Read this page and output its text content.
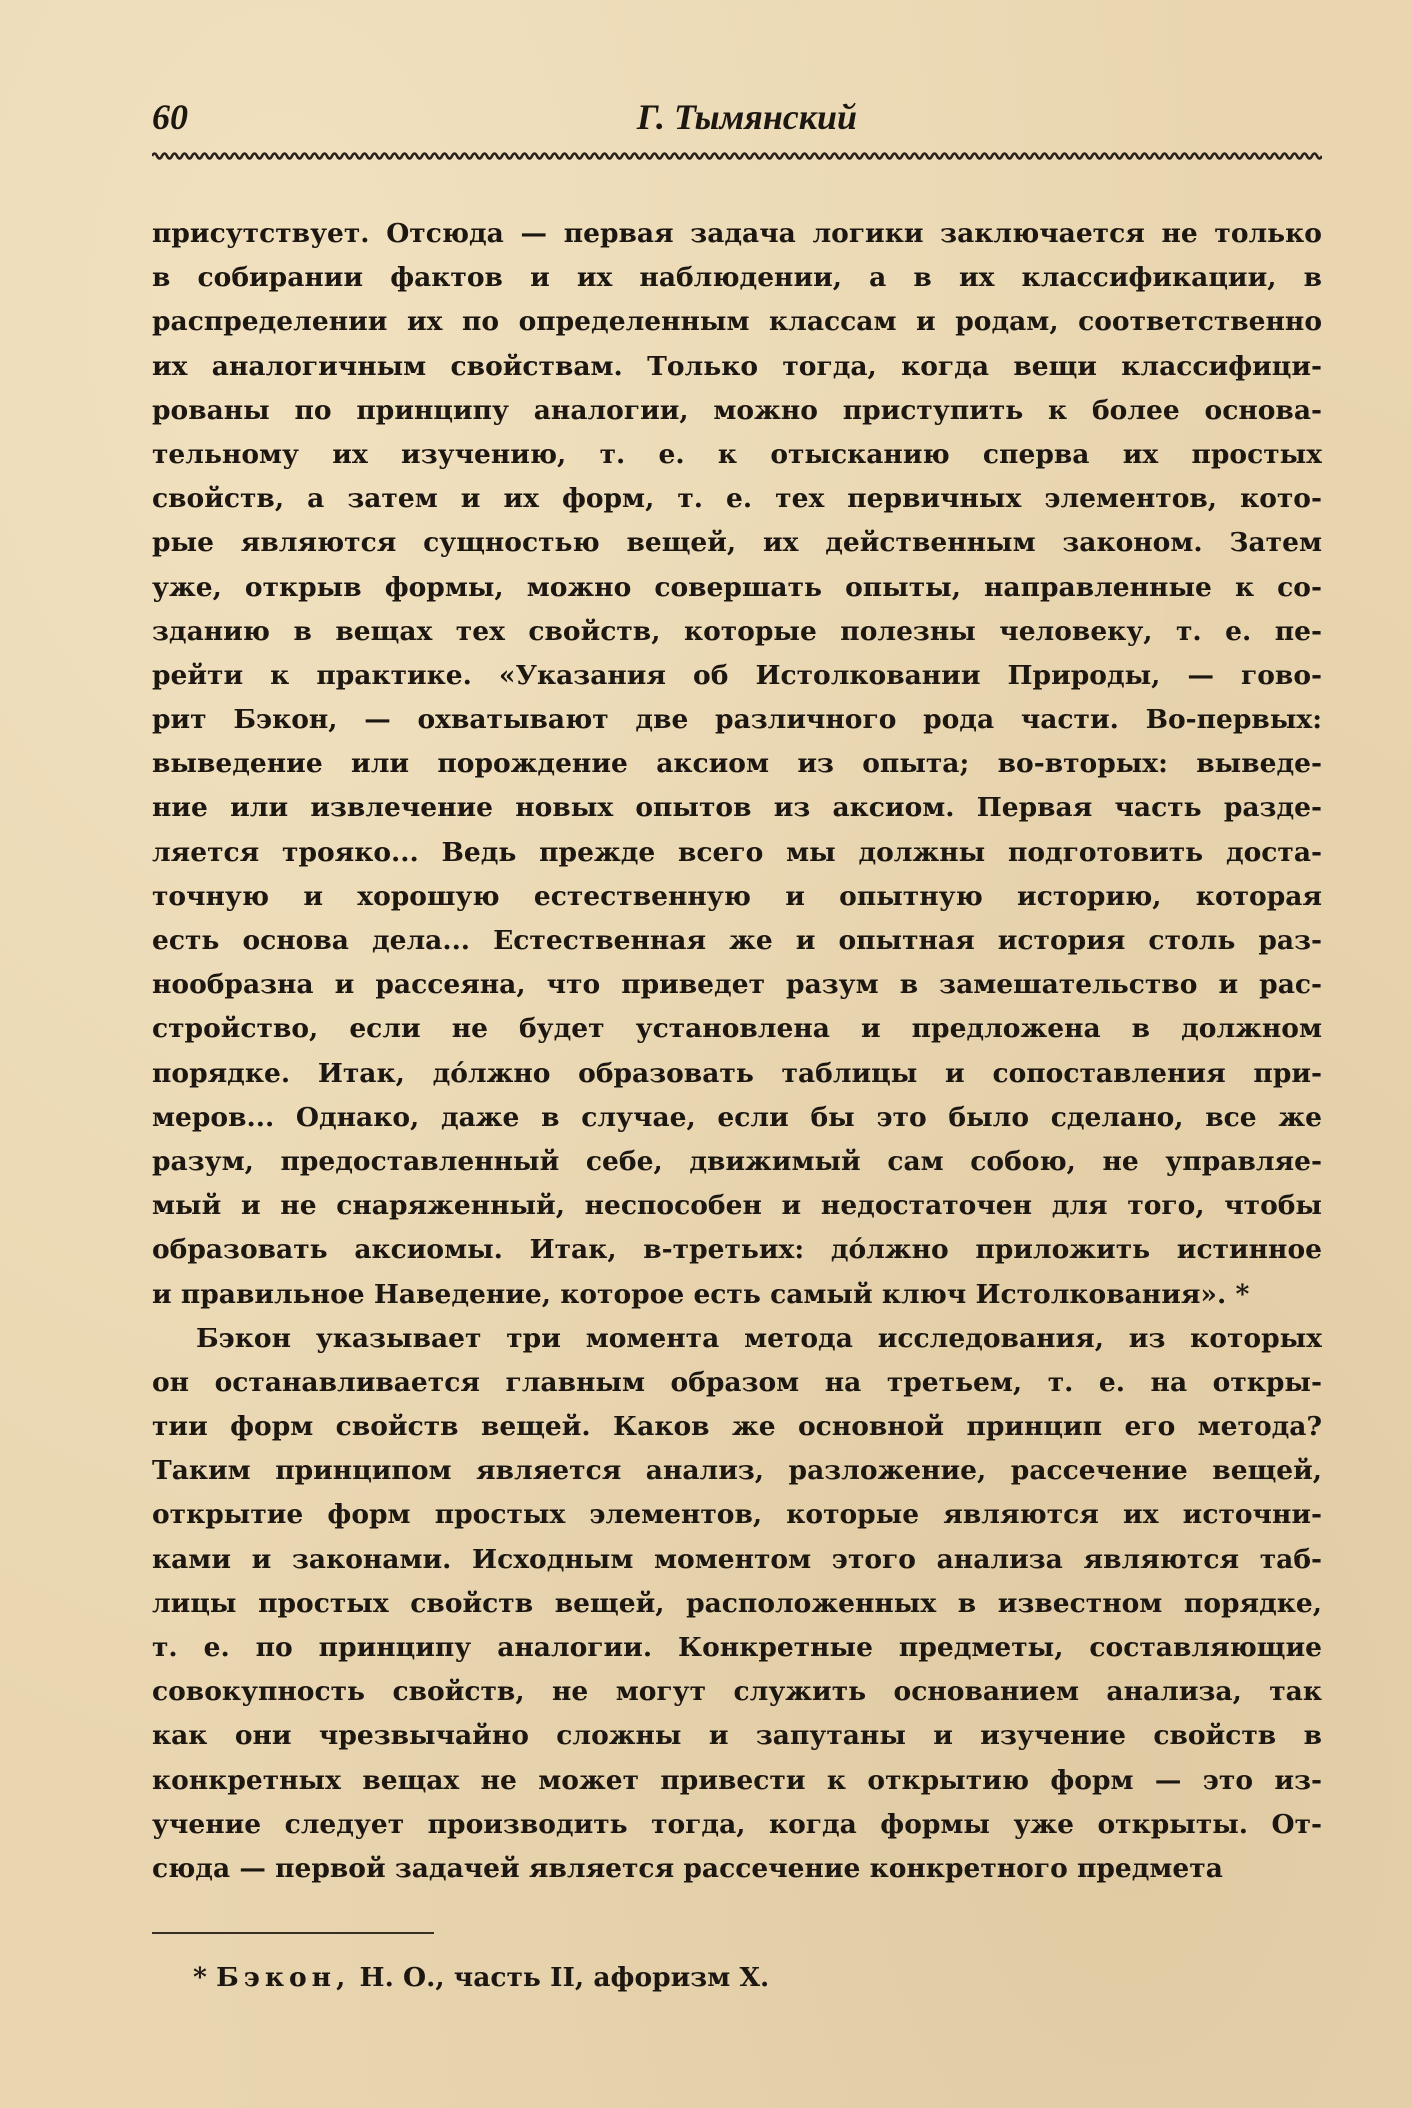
60	Г. Тымянский
присутствует. Отсюда — первая задача логики заключается не только
в собирании фактов и их наблюдении, а в их классификации, в
распределении их по определенным классам и родам, соответственно
их аналогичным свойствам. Только тогда, когда вещи классифици-
рованы по принципу аналогии, можно приступить к более основа-
тельному их изучению, т. е. к отысканию сперва их простых
свойств, а затем и их форм, т. е. тех первичных элементов, кото-
рые являются сущностью вещей, их действенным законом. Затем
уже, открыв формы, можно совершать опыты, направленные к со-
зданию в вещах тех свойств, которые полезны человеку, т. е. пе-
рейти к практике. «Указания об Истолковании Природы, — гово-
рит Бэкон, — охватывают две различного рода части. Во-первых:
выведение или порождение аксиом из опыта; во-вторых: выведе-
ние или извлечение новых опытов из аксиом. Первая часть разде-
ляется трояко... Ведь прежде всего мы должны подготовить доста-
точную и хорошую естественную и опытную историю, которая
есть основа дела... Естественная же и опытная история столь раз-
нообразна и рассеяна, что приведет разум в замешательство и рас-
стройство, если не будет установлена и предложена в должном
порядке. Итак, дóлжно образовать таблицы и сопоставления при-
меров... Однако, даже в случае, если бы это было сделано, все же
разум, предоставленный себе, движимый сам собою, не управляе-
мый и не снаряженный, неспособен и недостаточен для того, чтобы
образовать аксиомы. Итак, в-третьих: дóлжно приложить истинное
и правильное Наведение, которое есть самый ключ Истолкования». *
Бэкон указывает три момента метода исследования, из которых
он останавливается главным образом на третьем, т. е. на откры-
тии форм свойств вещей. Каков же основной принцип его метода?
Таким принципом является анализ, разложение, рассечение вещей,
открытие форм простых элементов, которые являются их источни-
ками и законами. Исходным моментом этого анализа являются таб-
лицы простых свойств вещей, расположенных в известном порядке,
т. е. по принципу аналогии. Конкретные предметы, составляющие
совокупность свойств, не могут служить основанием анализа, так
как они чрезвычайно сложны и запутаны и изучение свойств в
конкретных вещах не может привести к открытию форм — это из-
учение следует производить тогда, когда формы уже открыты. От-
сюда — первой задачей является рассечение конкретного предмета
* Бэкон, Н. О., часть II, афоризм X.
